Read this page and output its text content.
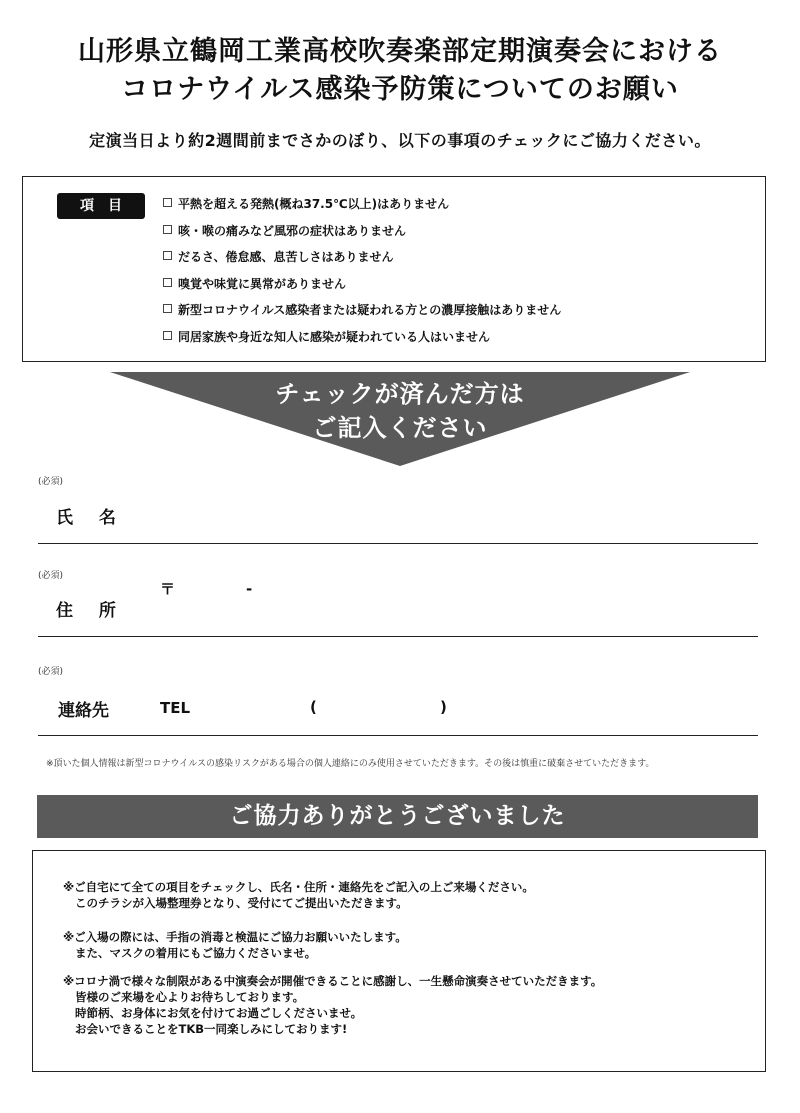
山形県立鶴岡工業高校吹奏楽部定期演奏会における
コロナウイルス感染予防策についてのお願い
定演当日より約2週間前までさかのぼり、以下の事項のチェックにご協力ください。
項目	平熱を超える発熱(概ね37.5℃以上)はありません
咳・喉の痛みなど風邪の症状はありません
だるさ、倦怠感、息苦しさはありません
嗅覚や味覚に異常がありません
新型コロナウイルス感染者または疑われる方との濃厚接触はありません
同居家族や身近な知人に感染が疑われている人はいません
チェックが済んだ方は
ご記入ください
(必須)
氏 名
(必須)
〒	-
住 所
(必須)
連絡先	TEL	(	)
※頂いた個人情報は新型コロナウイルスの感染リスクがある場合の個人連絡にのみ使用させていただきます。その後は慎重に破棄させていただきます。
ご協力ありがとうございました
※ご自宅にて全ての項目をチェックし、氏名・住所・連絡先をご記入の上ご来場ください。
このチラシが入場整理券となり、受付にてご提出いただきます。
※ご入場の際には、手指の消毒と検温にご協力お願いいたします。
また、マスクの着用にもご協力くださいませ。
※コロナ渦で様々な制限がある中演奏会が開催できることに感謝し、一生懸命演奏させていただきます。
皆様のご来場を心よりお待ちしております。
時節柄、お身体にお気を付けてお過ごしくださいませ。
お会いできることをTKB一同楽しみにしております!
